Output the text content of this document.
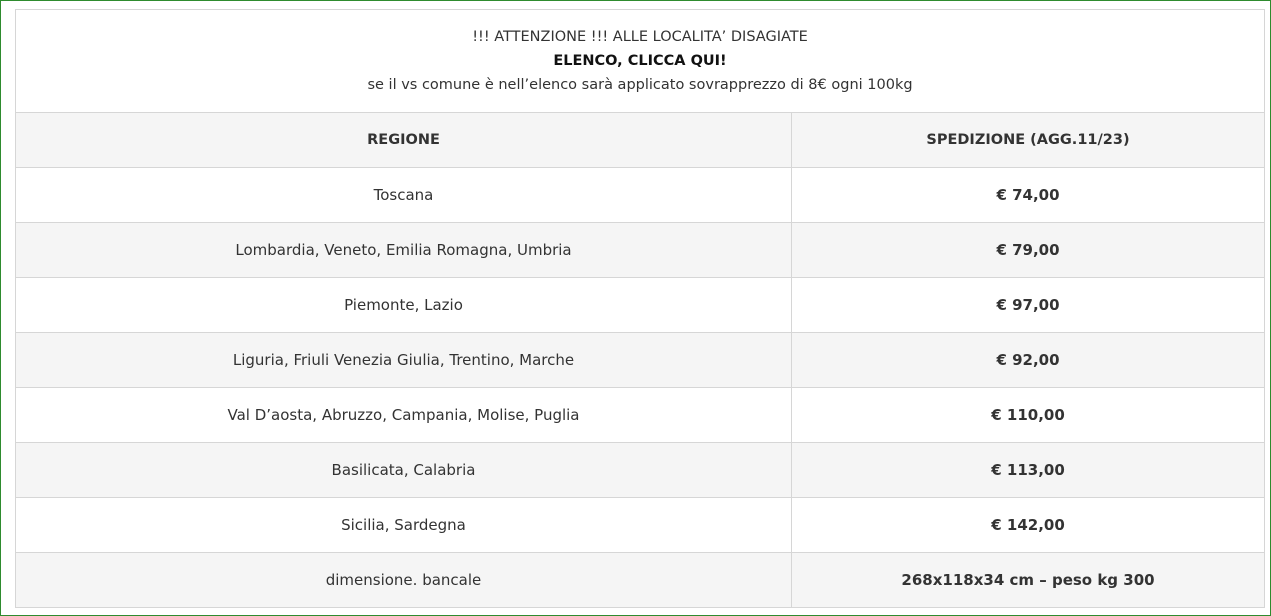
!!! ATTENZIONE !!! ALLE LOCALITA’ DISAGIATE
ELENCO, CLICCA QUI!
se il vs comune è nell’elenco sarà applicato sovrapprezzo di 8€ ogni 100kg	

REGIONE	SPEDIZIONE (AGG.11/23)
Toscana	€ 74,00
Lombardia, Veneto, Emilia Romagna, Umbria	€ 79,00
Piemonte, Lazio	€ 97,00
Liguria, Friuli Venezia Giulia, Trentino, Marche	€ 92,00
Val D’aosta, Abruzzo, Campania, Molise, Puglia	€ 110,00
Basilicata, Calabria	€ 113,00
Sicilia, Sardegna	€ 142,00
dimensione. bancale	268x118x34 cm – peso kg 300
